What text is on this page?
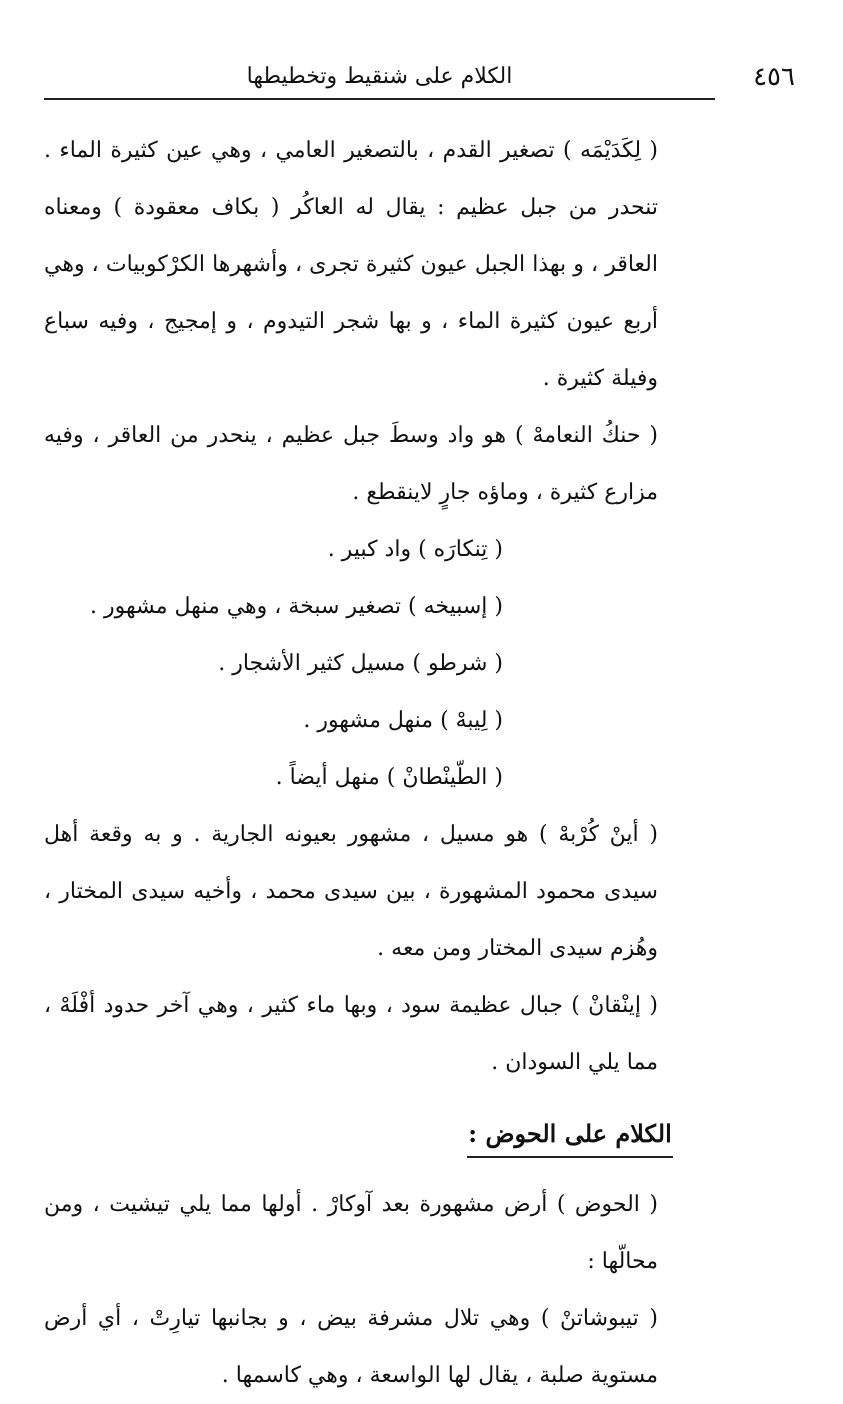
٤٥٦
الكلام على شنقيط وتخطيطها

( لِكَدَيْمَه ) تصغير القدم ، بالتصغير العامي ، وهي عين كثيرة الماء . تنحدر من جبل عظيم : يقال له العاكُر ( بكاف معقودة ) ومعناه العاقر ، و بهذا الجبل عيون كثيرة تجرى ، وأشهرها الكرْكوبيات ، وهي أربع عيون كثيرة الماء ، و بها شجر التيدوم ، و إمجيج ، وفيه سباع وفيلة كثيرة .

( حنكُ النعامهْ ) هو واد وسطَ جبل عظيم ، ينحدر من العاقر ، وفيه مزارع كثيرة ، وماؤه جارٍ لاينقطع .

( تِنكارَه ) واد كبير .

( إسبيخه ) تصغير سبخة ، وهي منهل مشهور .

( شرطو ) مسيل كثير الأشجار .

( لِيبهْ ) منهل مشهور .

( الطّينْطانْ ) منهل أيضاً .

( أينْ كُرْبهْ ) هو مسيل ، مشهور بعيونه الجارية . و به وقعة أهل سيدى محمود المشهورة ، بين سيدى محمد ، وأخيه سيدى المختار ، وهُزم سيدى المختار ومن معه .

( إينْقانْ ) جبال عظيمة سود ، وبها ماء كثير ، وهي آخر حدود أفْلَهْ ، مما يلي السودان .

الكلام على الحوض :

( الحوض ) أرض مشهورة بعد آوكارْ . أولها مما يلي تيشيت ، ومن محالّها :

( تيبوشاتنْ ) وهي تلال مشرفة بيض ، و بجانبها تيارِتْ ، أي أرض مستوية صلبة ، يقال لها الواسعة ، وهي كاسمها .
